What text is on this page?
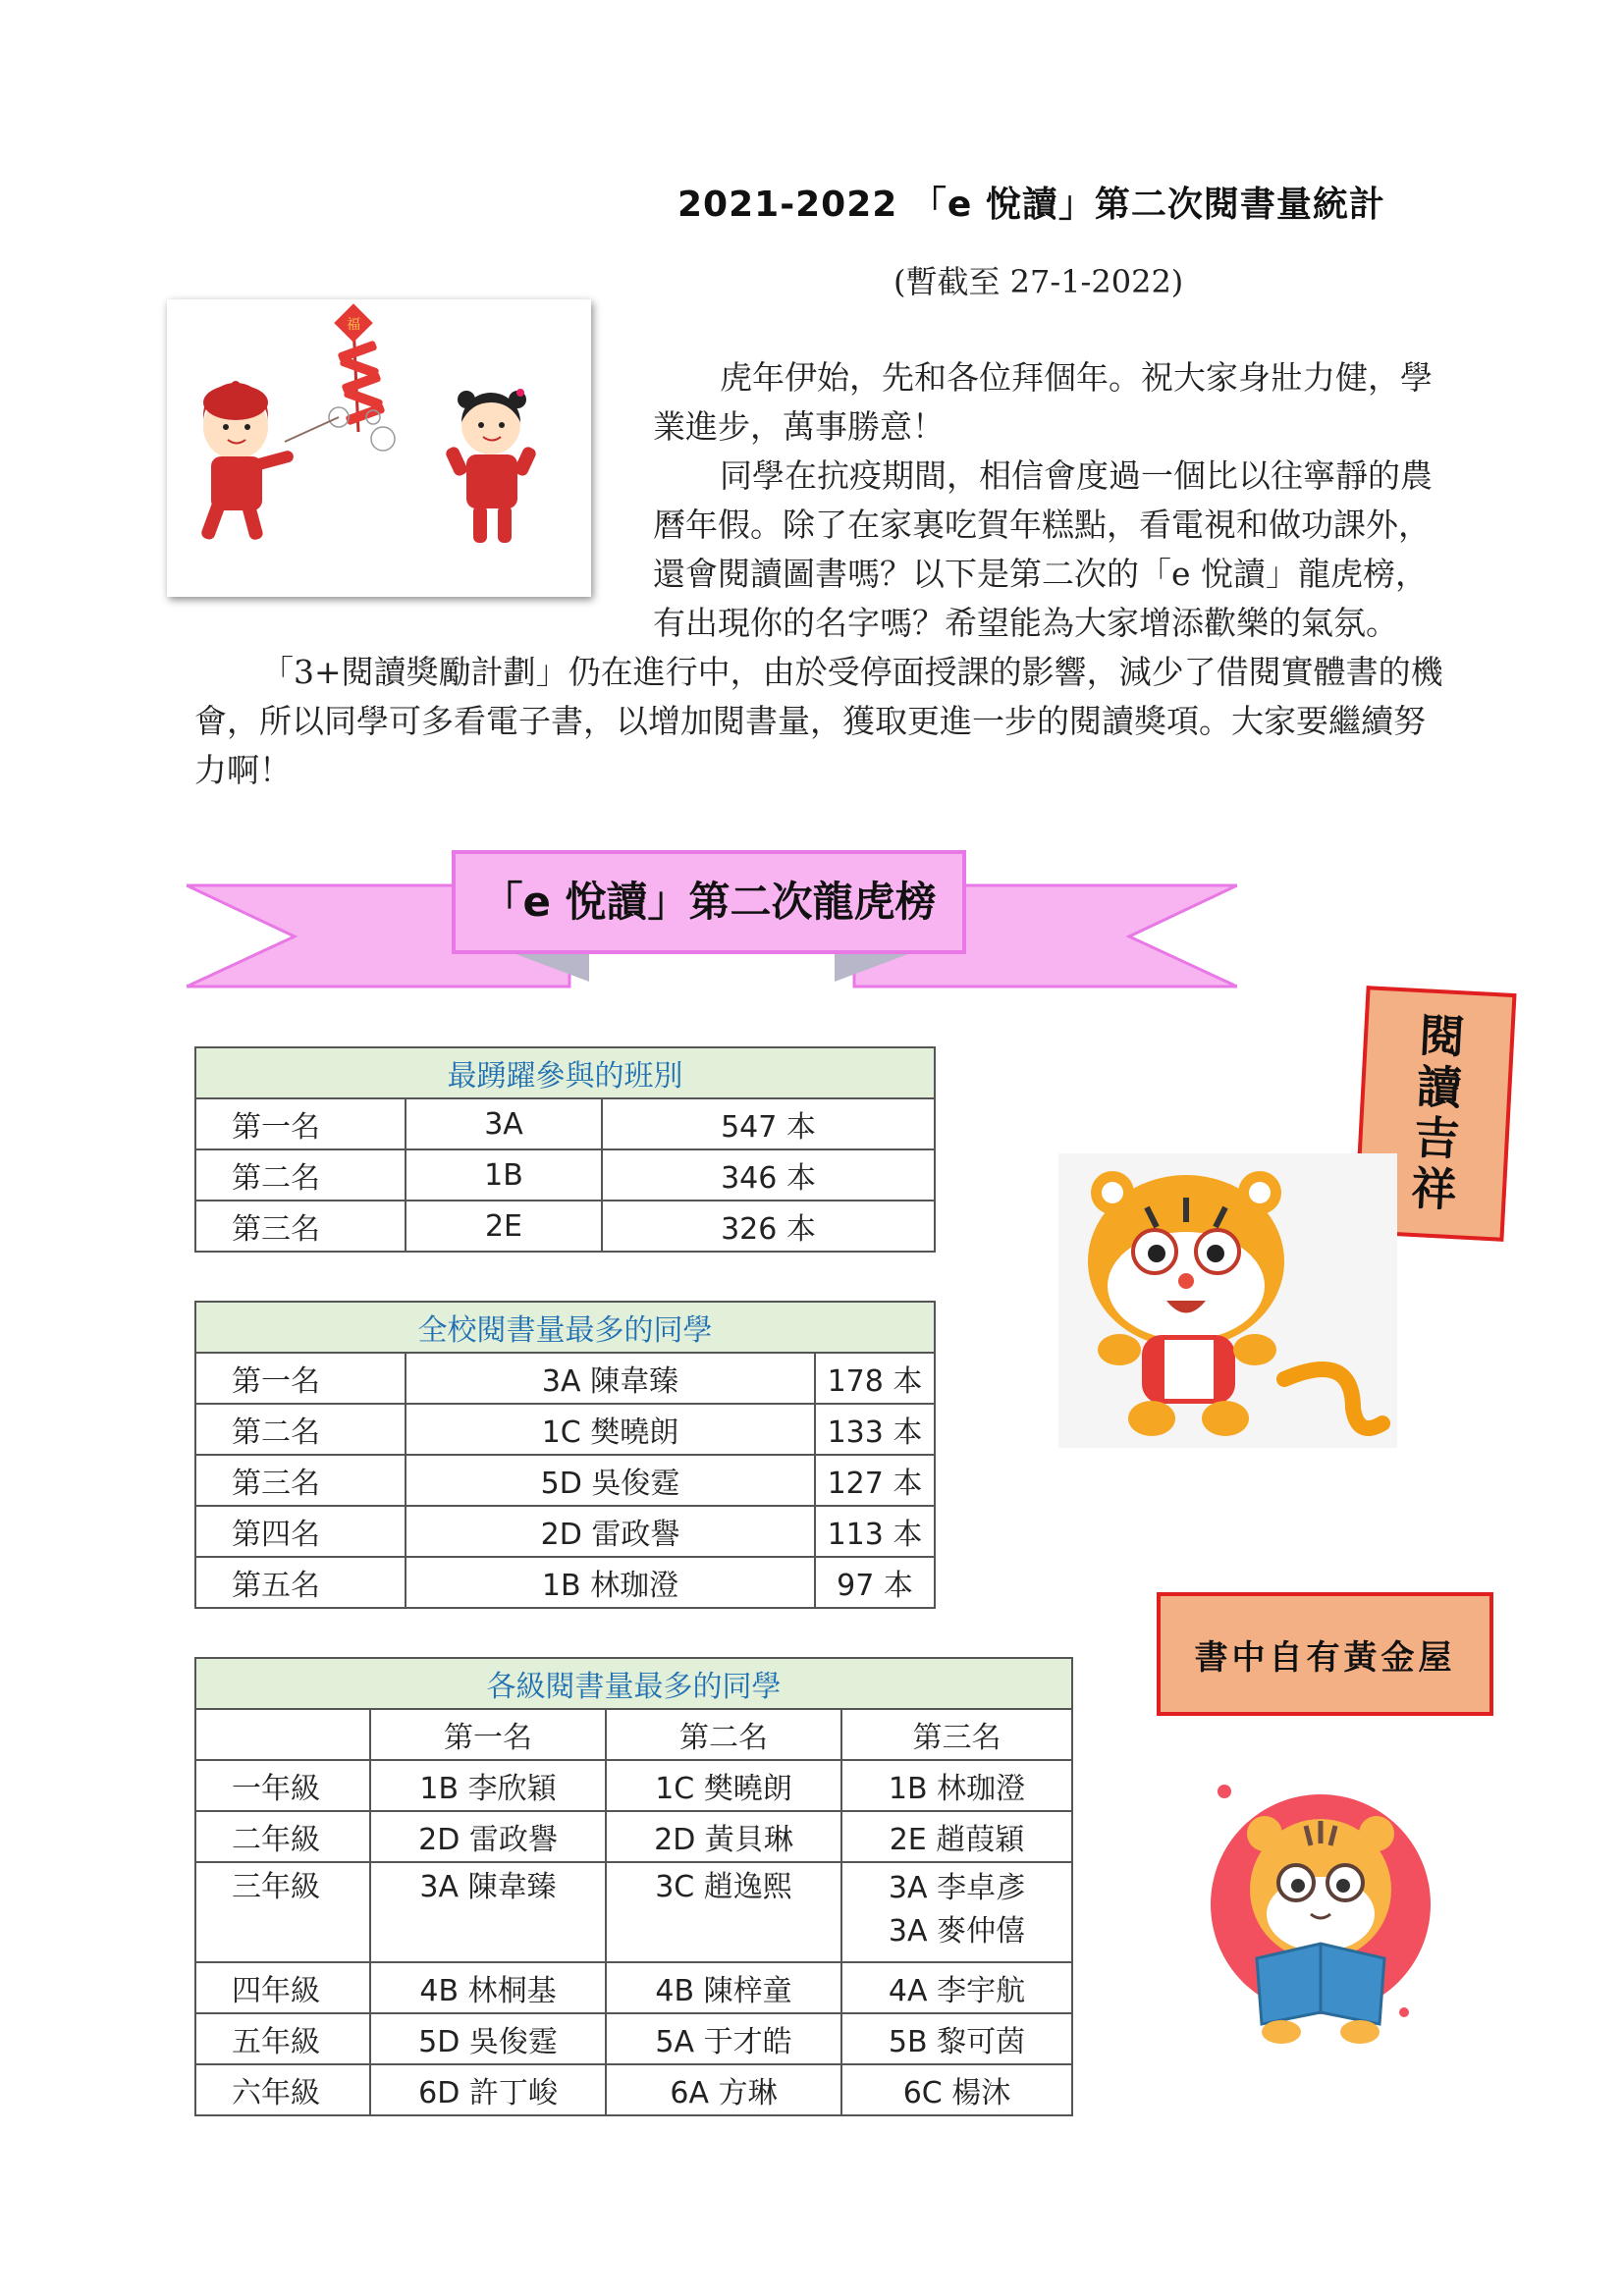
2021-2022 「e 悅讀」第二次閱書量統計
(暫截至 27-1-2022)
福

虎年伊始，先和各位拜個年。祝大家身壯力健，學業進步，萬事勝意！

同學在抗疫期間，相信會度過一個比以往寧靜的農曆年假。除了在家裏吃賀年糕點，看電視和做功課外，還會閱讀圖書嗎？以下是第二次的「e 悅讀」龍虎榜，有出現你的名字嗎？希望能為大家增添歡樂的氣氛。

「3+閱讀獎勵計劃」仍在進行中，由於受停面授課的影響，減少了借閱實體書的機會，所以同學可多看電子書，以增加閱書量，獲取更進一步的閱讀獎項。大家要繼續努力啊！

「e 悅讀」第二次龍虎榜
最踴躍參與的班別		
第一名	3A	547 本
第二名	1B	346 本
第三名	2E	326 本
全校閱書量最多的同學		
第一名	3A 陳韋臻	178 本
第二名	1C 樊曉朗	133 本
第三名	5D 吳俊霆	127 本
第四名	2D 雷政譽	113 本
第五名	1B 林珈澄	97 本
各級閱書量最多的同學			
	第一名	第二名	第三名
一年級	1B 李欣穎	1C 樊曉朗	1B 林珈澄
二年級	2D 雷政譽	2D 黃貝琳	2E 趙葭穎
三年級	3A 陳韋臻	3C 趙逸熙	3A 李卓彥
3A 麥仲僖

四年級	4B 林桐基	4B 陳梓童	4A 李宇航
五年級	5D 吳俊霆	5A 于才皓	5B 黎可茵
六年級	6D 許丁峻	6A 方琳	6C 楊沐
閱讀吉祥
書中自有黃金屋
